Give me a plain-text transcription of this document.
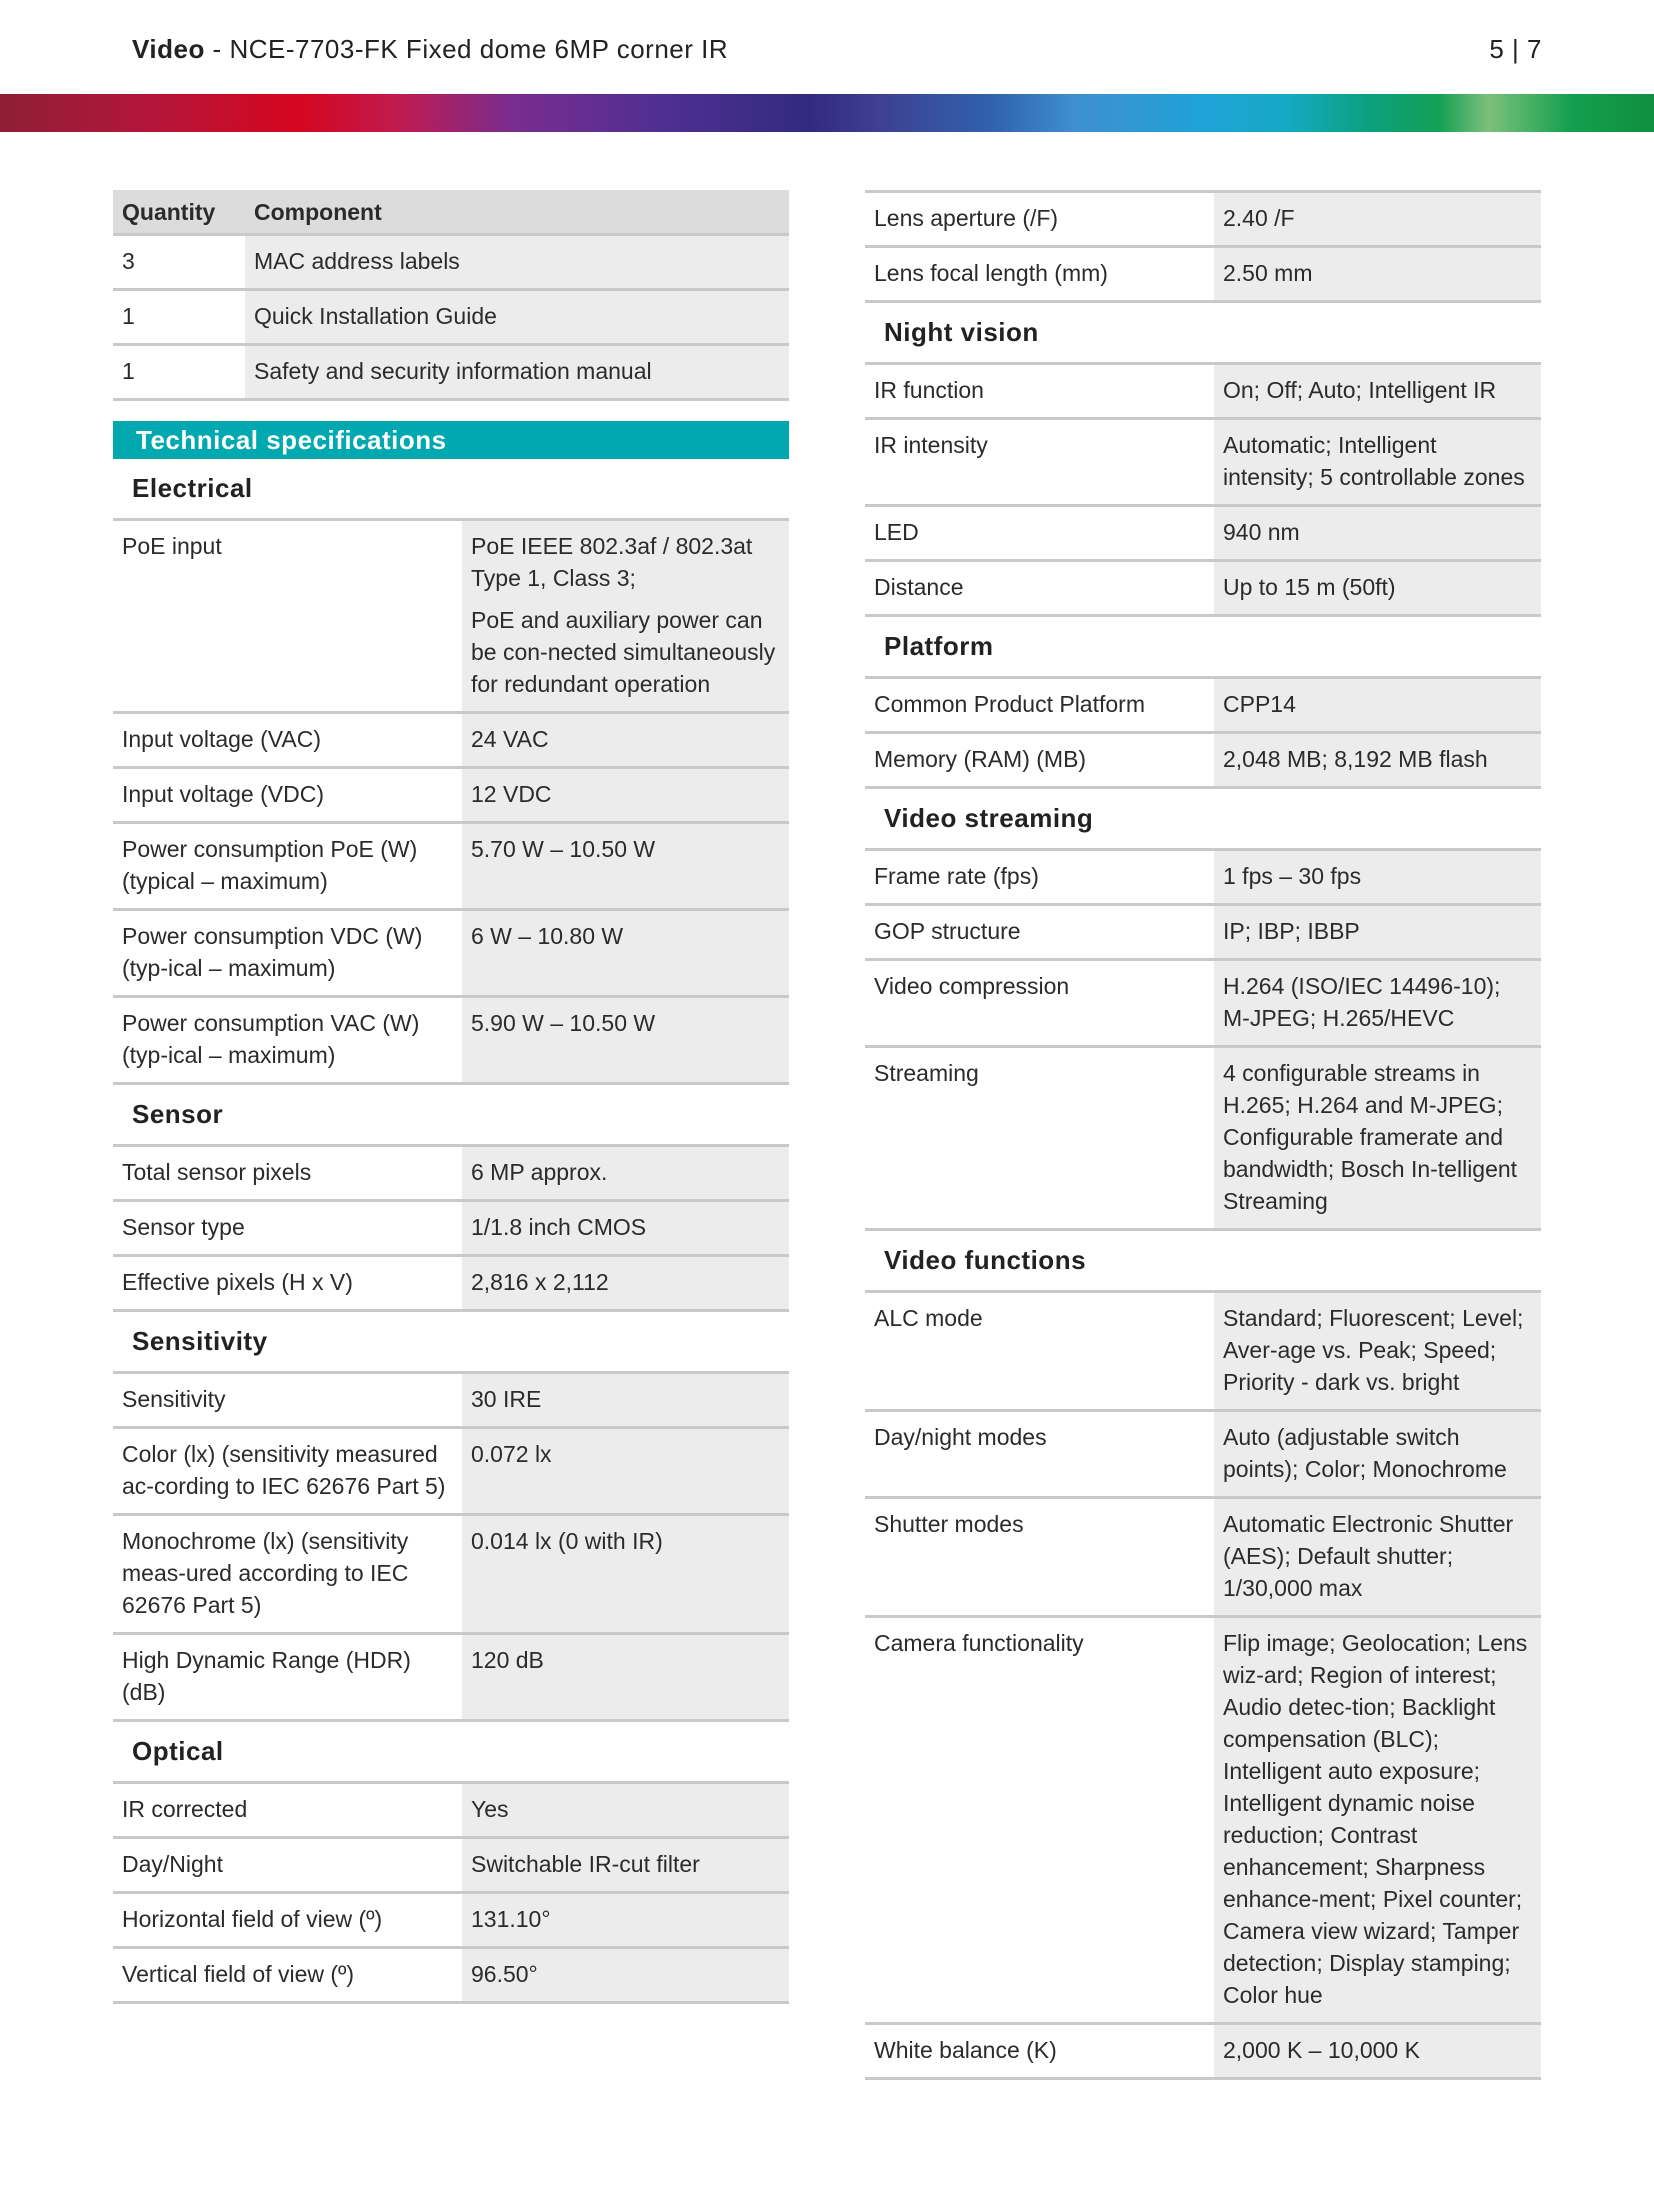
Video - NCE-7703-FK Fixed dome 6MP corner IR	5 | 7
Quantity	Component
3	MAC address labels
1	Quick Installation Guide
1	Safety and security information manual
Technical specifications
Electrical
PoE input	PoE IEEE 802.3af / 802.3at Type 1, Class 3;

PoE and auxiliary power can be con-nected simultaneously for redundant operation

Input voltage (VAC)	24 VAC

Input voltage (VDC)	12 VDC

Power consumption PoE (W) (typical – maximum)	5.70 W – 10.50 W

Power consumption VDC (W) (typ-ical – maximum)	6 W – 10.80 W

Power consumption VAC (W) (typ-ical – maximum)	5.90 W – 10.50 W

Sensor
Total sensor pixels	6 MP approx.

Sensor type	1/1.8 inch CMOS

Effective pixels (H x V)	2,816 x 2,112

Sensitivity
Sensitivity	30 IRE

Color (lx) (sensitivity measured ac-cording to IEC 62676 Part 5)	0.072 lx

Monochrome (lx) (sensitivity meas-ured according to IEC 62676 Part 5)	0.014 lx (0 with IR)

High Dynamic Range (HDR) (dB)	120 dB

Optical
IR corrected	Yes

Day/Night	Switchable IR-cut filter

Horizontal field of view (º)	131.10°

Vertical field of view (º)	96.50°

Lens aperture (/F)	2.40 /F

Lens focal length (mm)	2.50 mm

Night vision
IR function	On; Off; Auto; Intelligent IR

IR intensity	Automatic; Intelligent intensity; 5 controllable zones

LED	940 nm

Distance	Up to 15 m (50ft)

Platform
Common Product Platform	CPP14

Memory (RAM) (MB)	2,048 MB; 8,192 MB flash

Video streaming
Frame rate (fps)	1 fps – 30 fps

GOP structure	IP; IBP; IBBP

Video compression	H.264 (ISO/IEC 14496-10); M-JPEG; H.265/HEVC

Streaming	4 configurable streams in H.265; H.264 and M-JPEG; Configurable framerate and bandwidth; Bosch In-telligent Streaming

Video functions
ALC mode	Standard; Fluorescent; Level; Aver-age vs. Peak; Speed; Priority - dark vs. bright

Day/night modes	Auto (adjustable switch points); Color; Monochrome

Shutter modes	Automatic Electronic Shutter (AES); Default shutter; 1/30,000 max

Camera functionality	Flip image; Geolocation; Lens wiz-ard; Region of interest; Audio detec-tion; Backlight compensation (BLC); Intelligent auto exposure; Intelligent dynamic noise reduction; Contrast enhancement; Sharpness enhance-ment; Pixel counter; Camera view wizard; Tamper detection; Display stamping; Color hue

White balance (K)	2,000 K – 10,000 K
